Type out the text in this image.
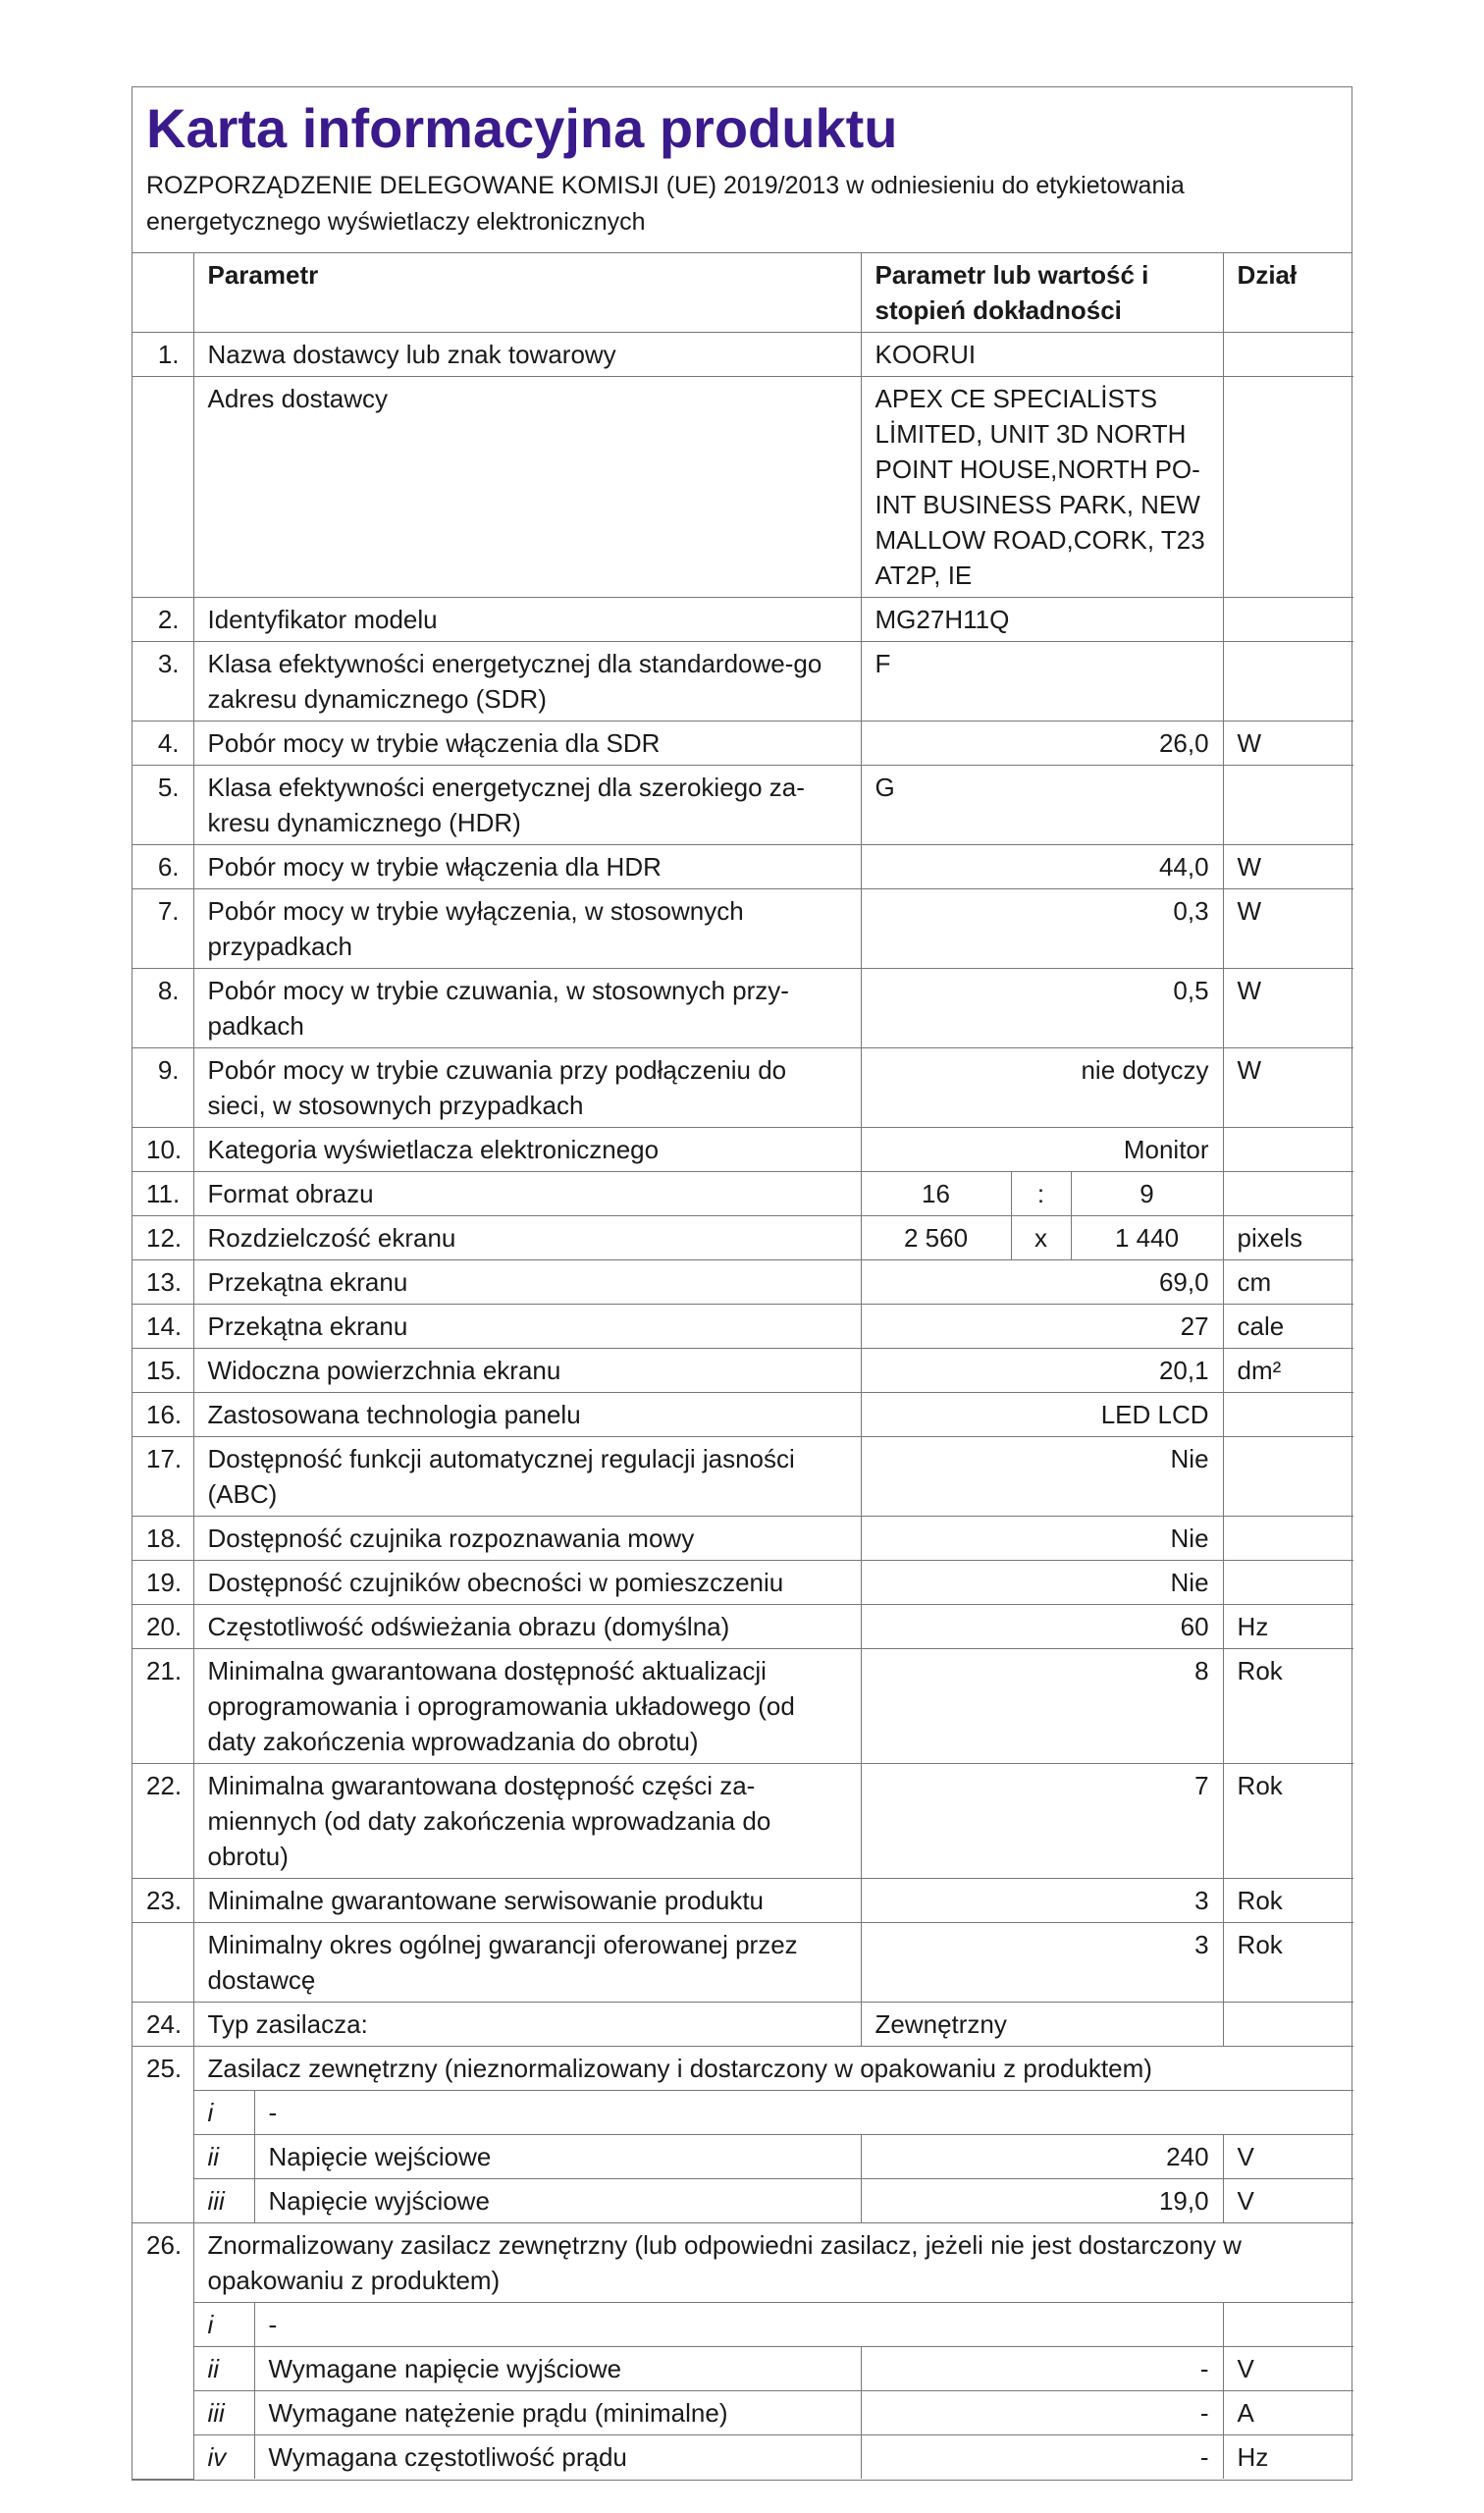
Karta informacyjna produktu
ROZPORZĄDZENIE DELEGOWANE KOMISJI (UE) 2019/2013 w odniesieniu do etykietowania energetycznego wyświetlaczy elektronicznych
	Parametr		Parametr lub wartość i stopień dokładności			Dział
1.	Nazwa dostawcy lub znak towarowy		KOORUI			
	Adres dostawcy		APEX CE SPECIALİSTS LİMITED, UNIT 3D NORTH POINT HOUSE,NORTH PO-INT BUSINESS PARK, NEW MALLOW ROAD,CORK, T23 AT2P, IE			
2.	Identyfikator modelu		MG27H11Q			
3.	Klasa efektywności energetycznej dla standardowe-go zakresu dynamicznego (SDR)		F			
4.	Pobór mocy w trybie włączenia dla SDR		26,0			W
5.	Klasa efektywności energetycznej dla szerokiego za-kresu dynamicznego (HDR)		G			
6.	Pobór mocy w trybie włączenia dla HDR		44,0			W
7.	Pobór mocy w trybie wyłączenia, w stosownych przypadkach		0,3			W
8.	Pobór mocy w trybie czuwania, w stosownych przy-padkach		0,5			W
9.	Pobór mocy w trybie czuwania przy podłączeniu do sieci, w stosownych przypadkach		nie dotyczy			W
10.	Kategoria wyświetlacza elektronicznego		Monitor			
11.	Format obrazu		16	:	9	
12.	Rozdzielczość ekranu		2 560	x	1 440	pixels
13.	Przekątna ekranu		69,0			cm
14.	Przekątna ekranu		27			cale
15.	Widoczna powierzchnia ekranu		20,1			dm²
16.	Zastosowana technologia panelu		LED LCD			
17.	Dostępność funkcji automatycznej regulacji jasności (ABC)		Nie			
18.	Dostępność czujnika rozpoznawania mowy		Nie			
19.	Dostępność czujników obecności w pomieszczeniu		Nie			
20.	Częstotliwość odświeżania obrazu (domyślna)		60			Hz
21.	Minimalna gwarantowana dostępność aktualizacji oprogramowania i oprogramowania układowego (od daty zakończenia wprowadzania do obrotu)		8			Rok
22.	Minimalna gwarantowana dostępność części za-miennych (od daty zakończenia wprowadzania do obrotu)		7			Rok
23.	Minimalne gwarantowane serwisowanie produktu		3			Rok
	Minimalny okres ogólnej gwarancji oferowanej przez dostawcę		3			Rok
24.	Typ zasilacza:		Zewnętrzny			
25.	Zasilacz zewnętrzny (nieznormalizowany i dostarczony w opakowaniu z produktem)					
	i	-				
	ii	Napięcie wejściowe	240			V
	iii	Napięcie wyjściowe	19,0			V
26.	Znormalizowany zasilacz zewnętrzny (lub odpowiedni zasilacz, jeżeli nie jest dostarczony w opakowaniu z produktem)					
	i	-				
	ii	Wymagane napięcie wyjściowe	-			V
	iii	Wymagane natężenie prądu (minimalne)	-			A
	iv	Wymagana częstotliwość prądu	-			Hz
